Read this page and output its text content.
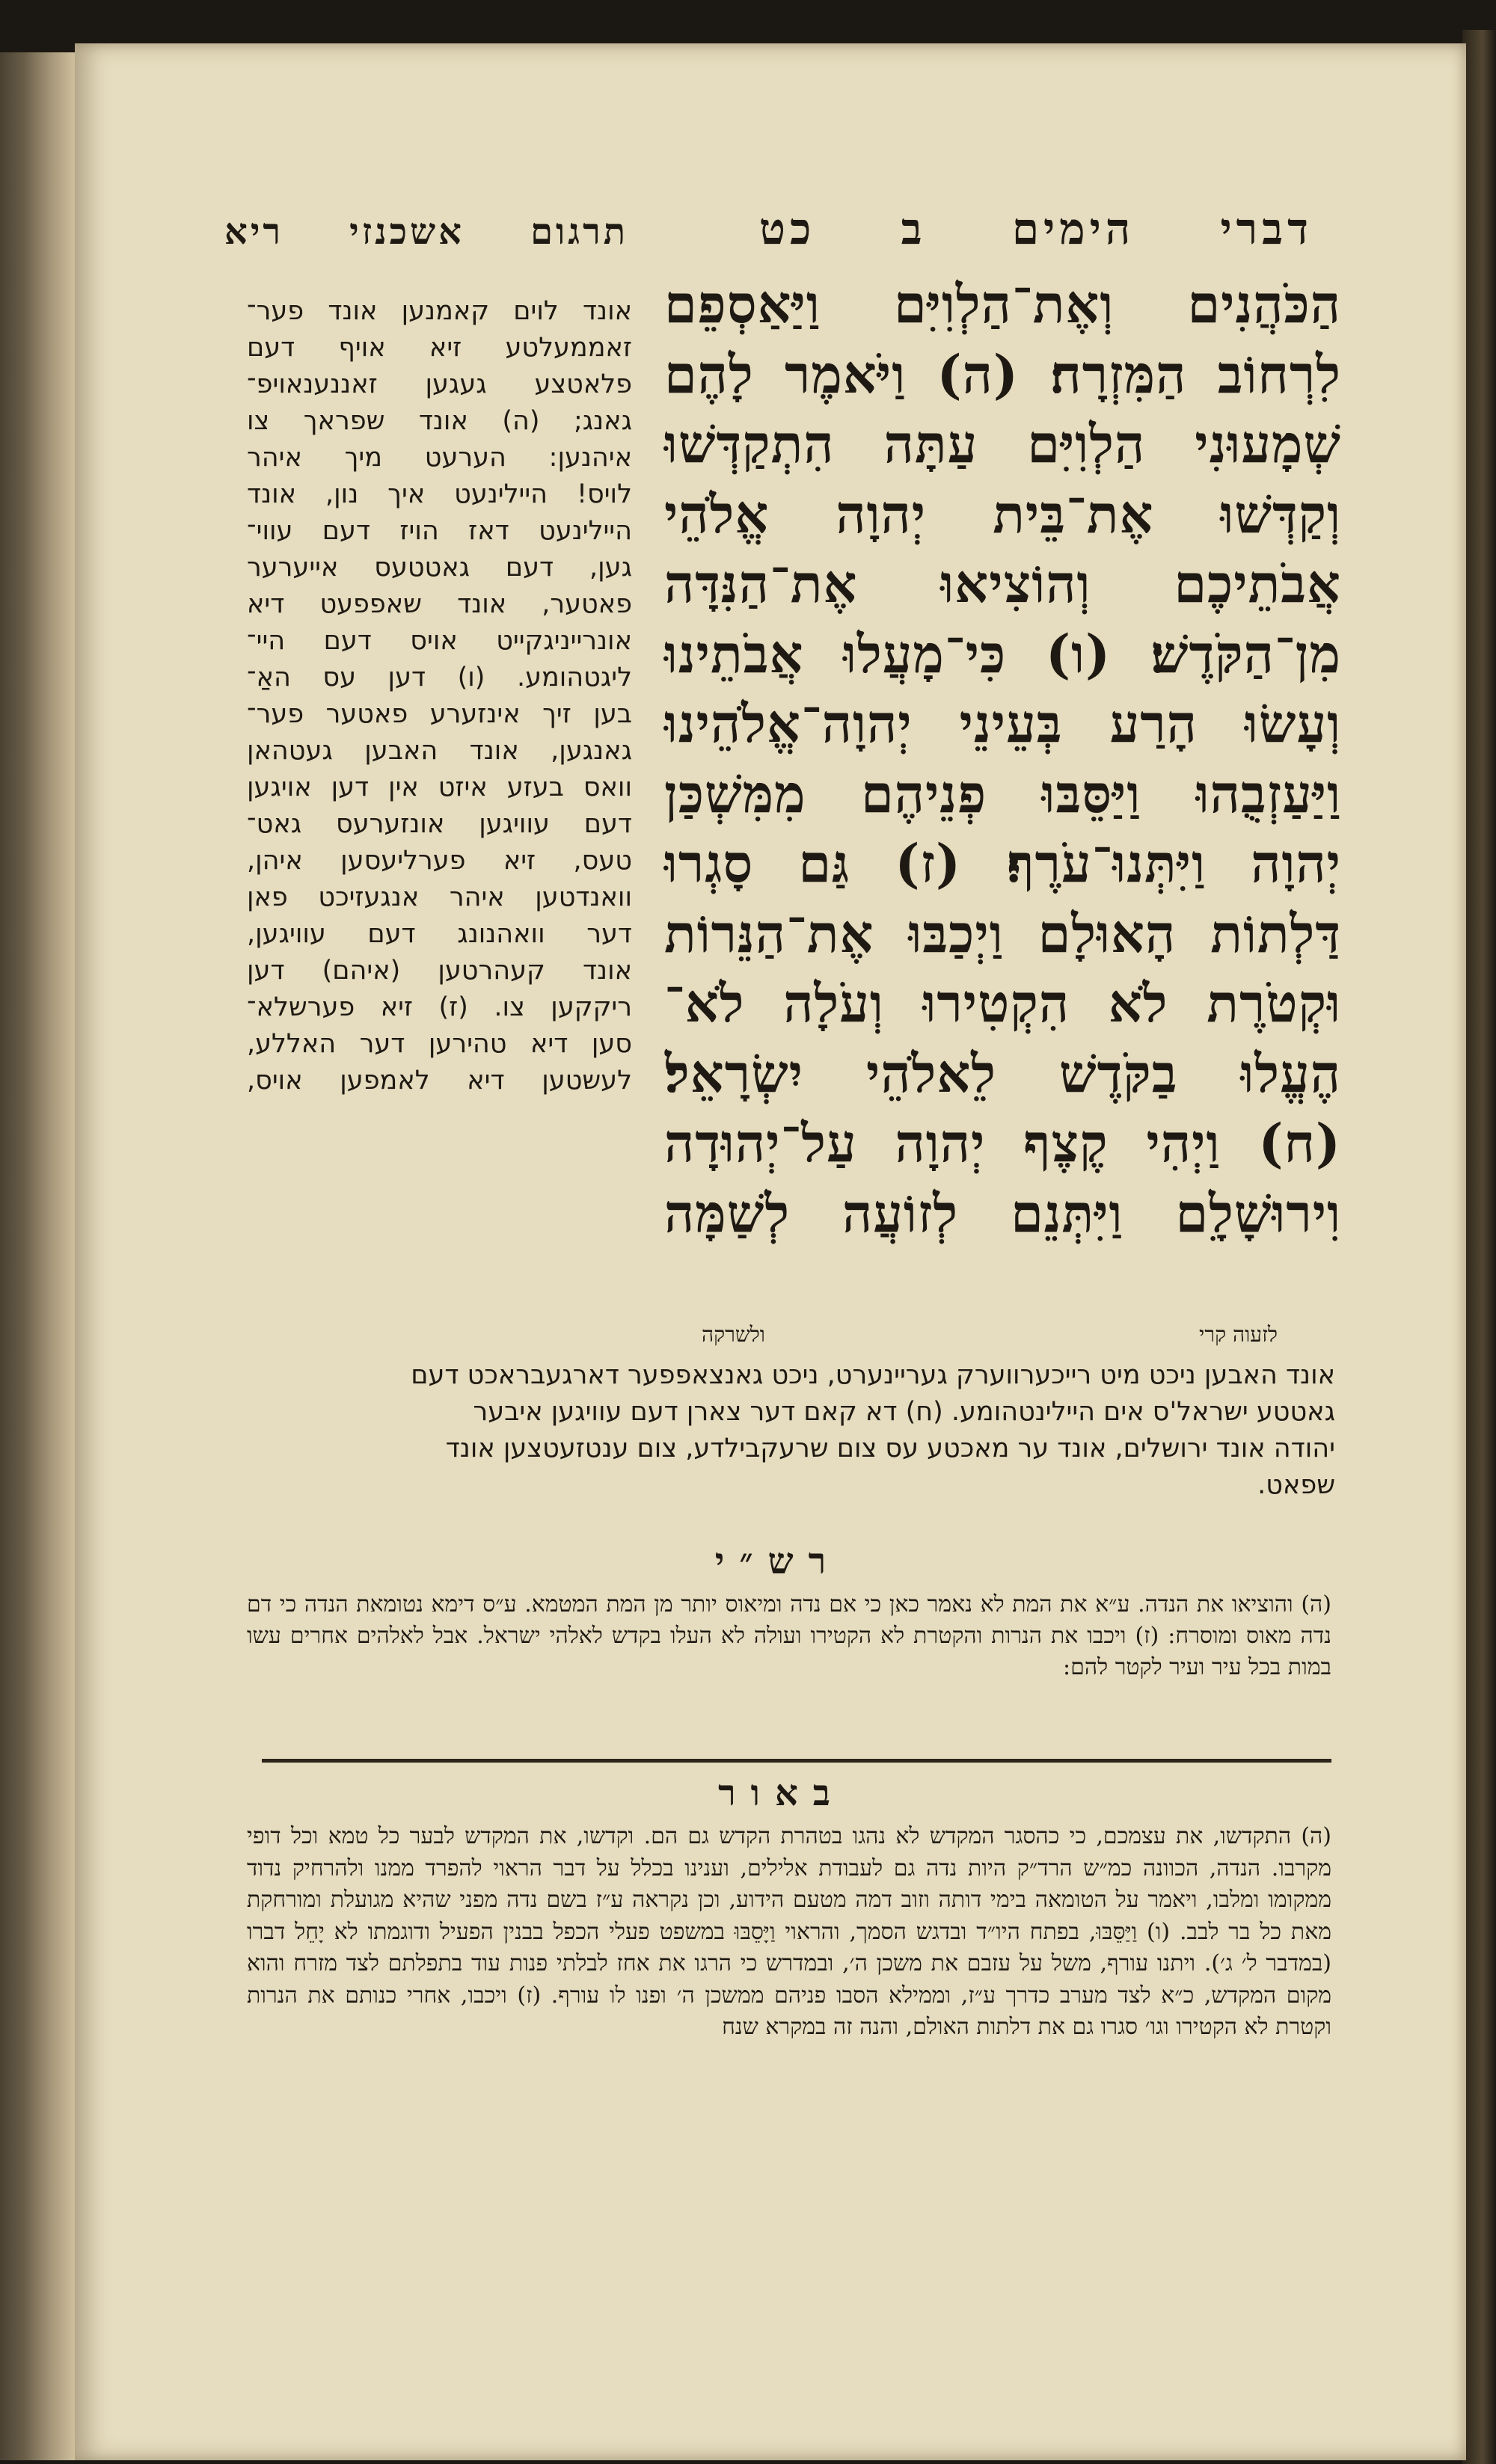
דברי הימים ב כט
תרגום אשכנזי ריא
הַכֹּהֲנִים וְאֶת־הַלְוִיִּם וַיַּאַסְפֵם
לִרְחוֹב הַמִּזְרָח׃ (ה) וַיֹּאמֶר לָהֶם
שְׁמָעוּנִי הַלְוִיִּם עַתָּה הִתְקַדְּשׁוּ
וְקַדְּשׁוּ אֶת־בֵּית יְהוָה אֱלֹהֵי
אֲבֹתֵיכֶם וְהוֹצִיאוּ אֶת־הַנִּדָּה
מִן־הַקֹּדֶשׁ׃ (ו) כִּי־מָעֲלוּ אֲבֹתֵינוּ
וְעָשׂוּ הָרַע בְּעֵינֵי יְהוָה־אֱלֹהֵינוּ
וַיַּעַזְבֻהוּ וַיַּסֵּבּוּ פְנֵיהֶם מִמִּשְׁכַּן
יְהוָה וַיִּתְּנוּ־עֹרֶף׃ (ז) גַּם סָגְרוּ
דַּלְתוֹת הָאוּלָם וַיְכַבּוּ אֶת־הַנֵּרוֹת
וּקְטֹרֶת לֹא הִקְטִירוּ וְעֹלָה לֹא־
הֶעֱלוּ בַקֹּדֶשׁ לֵאלֹהֵי יִשְׂרָאֵל׃
(ח) וַיְהִי קֶצֶף יְהוָה עַל־יְהוּדָה
וִירוּשָׁלִָם וַיִּתְּנֵם לְזוֹעֲה לְשַׁמָּה
לזעוה קרי
ולשרקה
אונד לוים קאמנען אונד פער־
זאממעלטע זיא אויף דעם
פלאטצע געגען זאננענאויפ־
גאנג; (ה) אונד שפראך צו
איהנען: הערעט מיך איהר
לויס! היילינעט איך נון, אונד
היילינעט דאז הויז דעם עווי־
גען, דעם גאטטעס אייערער
פאטער, אונד שאפפעט דיא
אונרייניגקייט אויס דעם היי־
ליגטהומע. (ו) דען עס האַ־
בען זיך אינזערע פאטער פער־
גאנגען, אונד האבען געטהאן
וואס בעזע איזט אין דען אויגען
דעם עוויגען אונזערעס גאט־
טעס, זיא פערליעסען איהן,
וואנדטען איהר אנגעזיכט פאן
דער וואהנונג דעם עוויגען,
אונד קעהרטען (איהם) דען
ריקקען צו. (ז) זיא פערשלא־
סען דיא טהירען דער האללע,
לעשטען דיא לאמפען אויס,
אונד האבען ניכט מיט רייכערווערק געריינערט, ניכט גאנצאפפער דארגעבראכט דעם
גאטטע ישראל'ס אים היילינטהומע. (ח) דא קאם דער צארן דעם עוויגען איבער
יהודה אונד ירושלים, אונד ער מאכטע עס צום שרעקבילדע, צום ענטזעטצען אונד
שפאט.
רש״י
(ה) והוציאו את הנדה. ע״א את המת לא נאמר כאן כי אם נדה ומיאוס יותר מן המת המטמא. ע״ס דימא נטומאת הנדה כי דם נדה מאוס ומוסרח: (ז) ויכבו את הנרות והקטרת לא הקטירו ועולה לא העלו בקדש לאלהי ישראל. אבל לאלהים אחרים עשו במות בכל עיר ועיר לקטר להם:
באור
(ה) התקדשו, את עצמכם, כי כהסגר המקדש לא נהגו בטהרת הקדש גם הם. וקדשו, את המקדש לבער כל טמא וכל דופי מקרבו. הנדה, הכוונה כמ״ש הרד״ק היות נדה גם לעבודת אלילים, וענינו בכלל על דבר הראוי להפרד ממנו ולהרחיק נדוד ממקומו ומלבו, ויאמר על הטומאה בימי דותה וזוב דמה מטעם הידוע, וכן נקראה ע״ז בשם נדה מפני שהיא מגועלת ומורחקת מאת כל בר לבב. (ו) וַיַּסֵּבּוּ, בפתח היו״ד ובדגש הסמך, והראוי וַיָּסֵבּוּ במשפט פעלי הכפל בבנין הפעיל ודוגמתו לא יָחֵל דברו (במדבר ל׳ ג׳). ויתנו עורף, משל על עזבם את משכן ה׳, ובמדרש כי הרגו את אחז לבלתי פנות עוד בתפלתם לצד מזרח והוא מקום המקדש, כ״א לצד מערב כדרך ע״ז, וממילא הסבו פניהם ממשכן ה׳ ופנו לו עורף. (ז) ויכבו, אחרי כנותם את הנרות וקטרת לא הקטירו וגו׳ סגרו גם את דלתות האולם, והנה זה במקרא שנח
